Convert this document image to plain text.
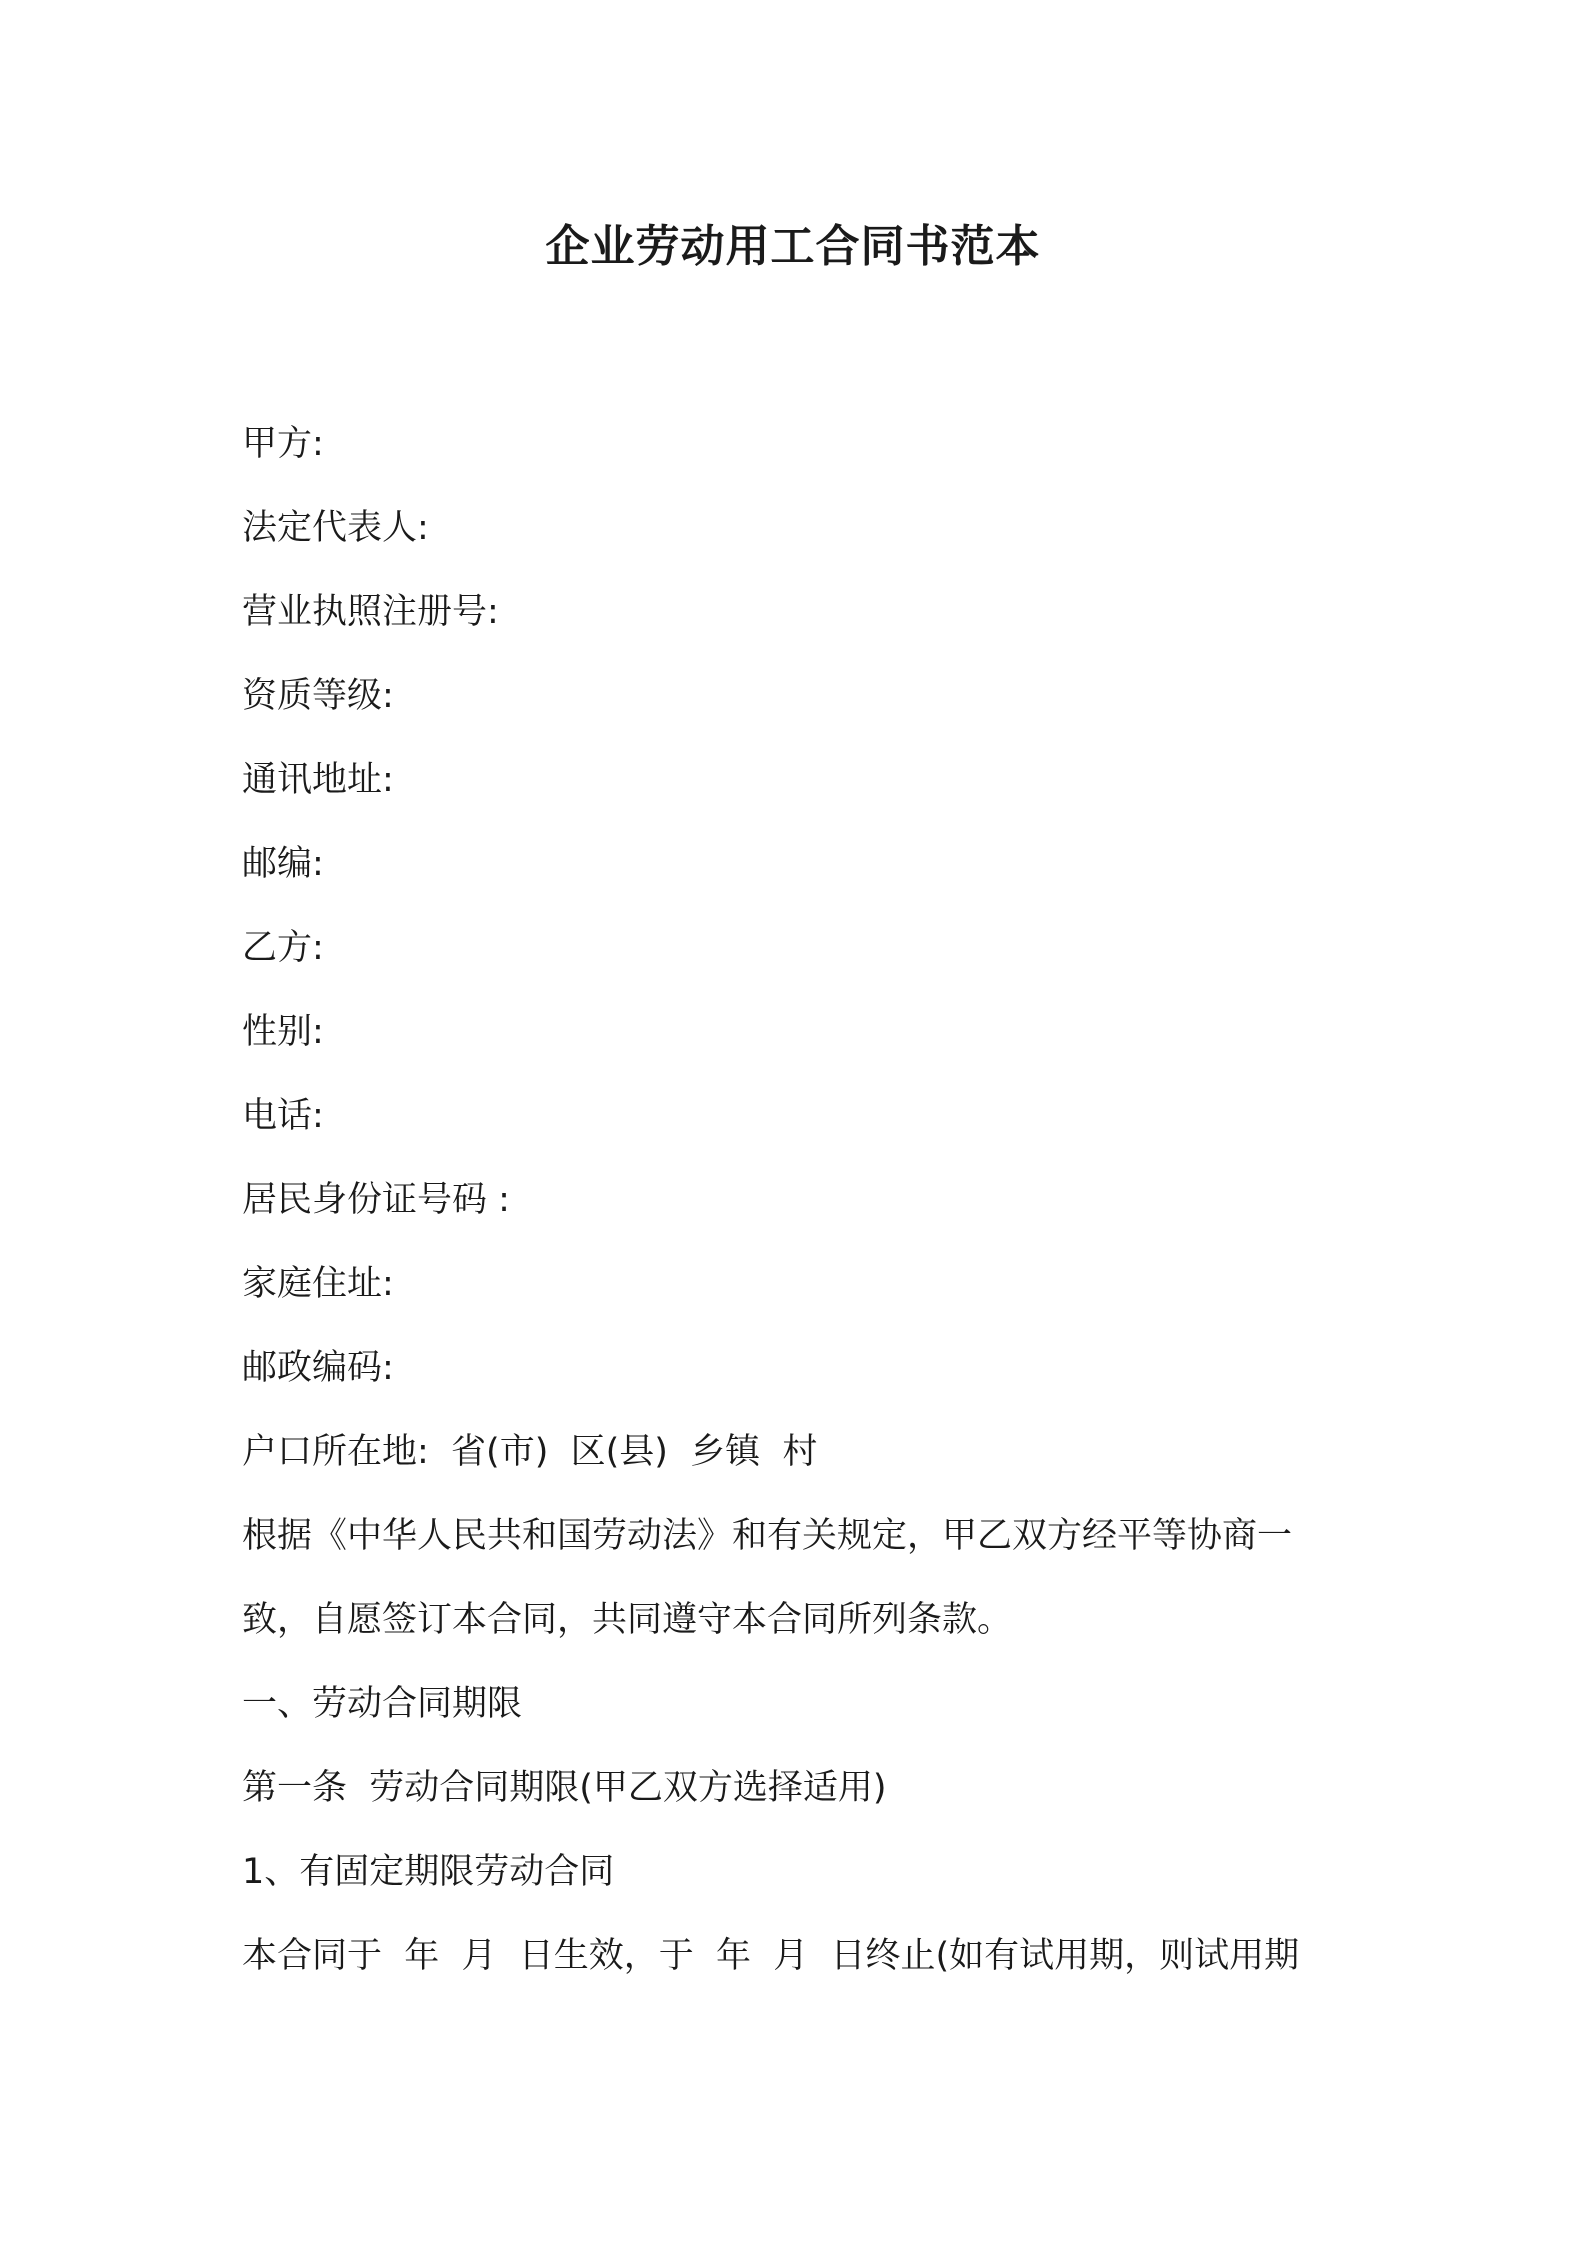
企业劳动用工合同书范本
甲方:
法定代表人:
营业执照注册号:
资质等级:
通讯地址:
邮编:
乙方:
性别:
电话:
居民身份证号码 :
家庭住址:
邮政编码:
户口所在地:  省(市)  区(县)  乡镇  村
根据《中华人民共和国劳动法》和有关规定，甲乙双方经平等协商一
致，自愿签订本合同，共同遵守本合同所列条款。
一、劳动合同期限
第一条  劳动合同期限(甲乙双方选择适用)
1、有固定期限劳动合同
本合同于  年  月  日生效，于  年  月  日终止(如有试用期，则试用期
